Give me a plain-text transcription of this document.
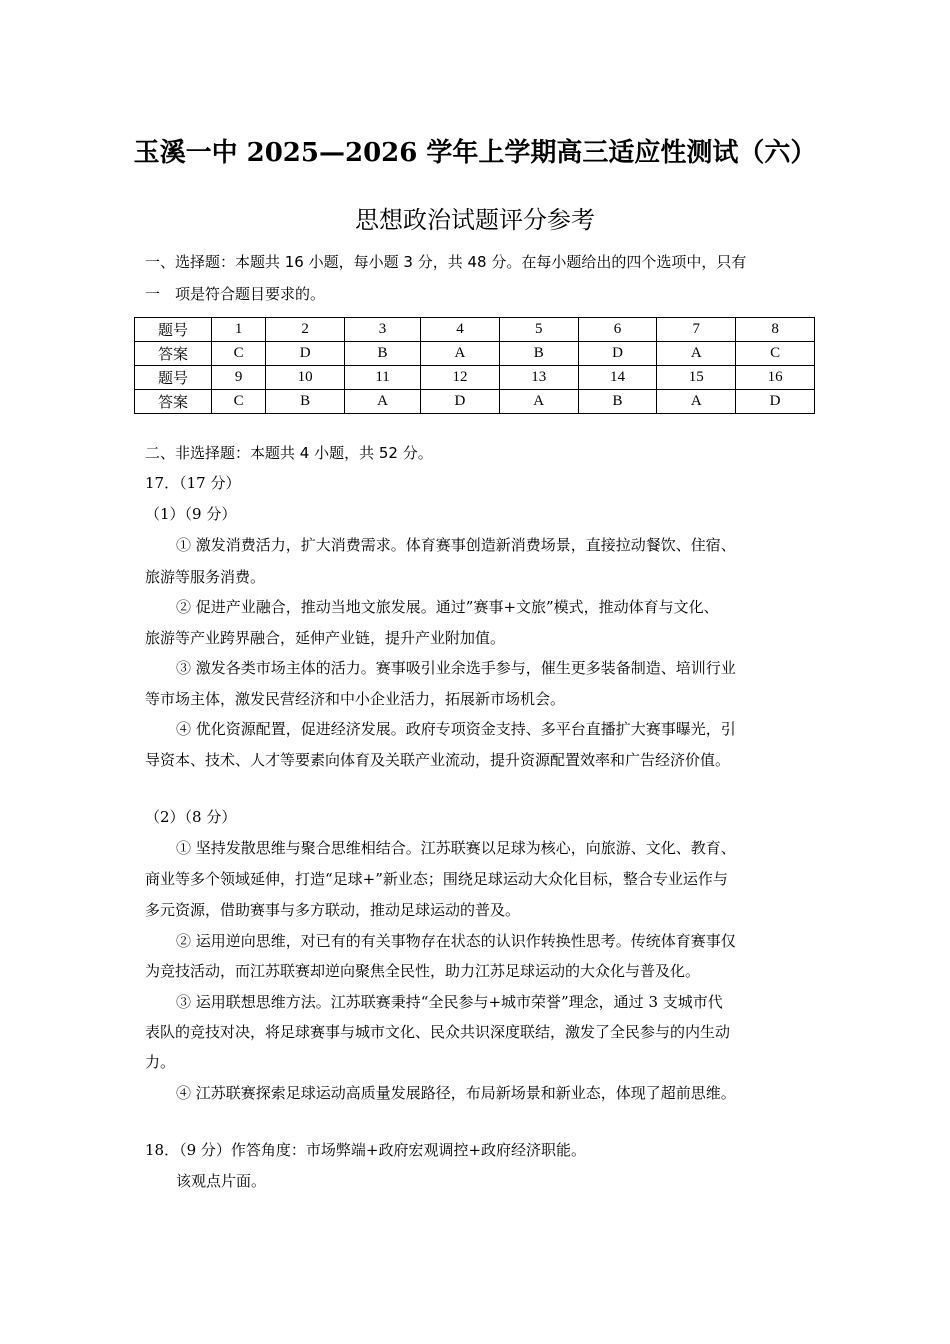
玉溪一中 2025—2026 学年上学期高三适应性测试（六）
思想政治试题评分参考
一、选择题：本题共 16 小题，每小题 3 分，共 48 分。在每小题给出的四个选项中，只有
一　项是符合题目要求的。
题号	1	2	3	4	5	6	7	8
答案	C	D	B	A	B	D	A	C
题号	9	10	11	12	13	14	15	16
答案	C	B	A	D	A	B	A	D
二、非选择题：本题共 4 小题，共 52 分。
17．（17 分）
（1）（9 分）
① 激发消费活力，扩大消费需求。体育赛事创造新消费场景，直接拉动餐饮、住宿、
旅游等服务消费。
② 促进产业融合，推动当地文旅发展。通过”赛事+文旅”模式，推动体育与文化、
旅游等产业跨界融合，延伸产业链，提升产业附加值。
③ 激发各类市场主体的活力。赛事吸引业余选手参与，催生更多装备制造、培训行业
等市场主体，激发民营经济和中小企业活力，拓展新市场机会。
④ 优化资源配置，促进经济发展。政府专项资金支持、多平台直播扩大赛事曝光，引
导资本、技术、人才等要素向体育及关联产业流动，提升资源配置效率和广告经济价值。
（2）（8 分）
① 坚持发散思维与聚合思维相结合。江苏联赛以足球为核心，向旅游、文化、教育、
商业等多个领域延伸，打造“足球+”新业态；围绕足球运动大众化目标，整合专业运作与
多元资源，借助赛事与多方联动，推动足球运动的普及。
② 运用逆向思维，对已有的有关事物存在状态的认识作转换性思考。传统体育赛事仅
为竞技活动，而江苏联赛却逆向聚焦全民性，助力江苏足球运动的大众化与普及化。
③ 运用联想思维方法。江苏联赛秉持“全民参与+城市荣誉”理念，通过 3 支城市代
表队的竞技对决，将足球赛事与城市文化、民众共识深度联结，激发了全民参与的内生动
力。
④ 江苏联赛探索足球运动高质量发展路径，布局新场景和新业态，体现了超前思维。
18．（9 分）作答角度：市场弊端+政府宏观调控+政府经济职能。
该观点片面。
